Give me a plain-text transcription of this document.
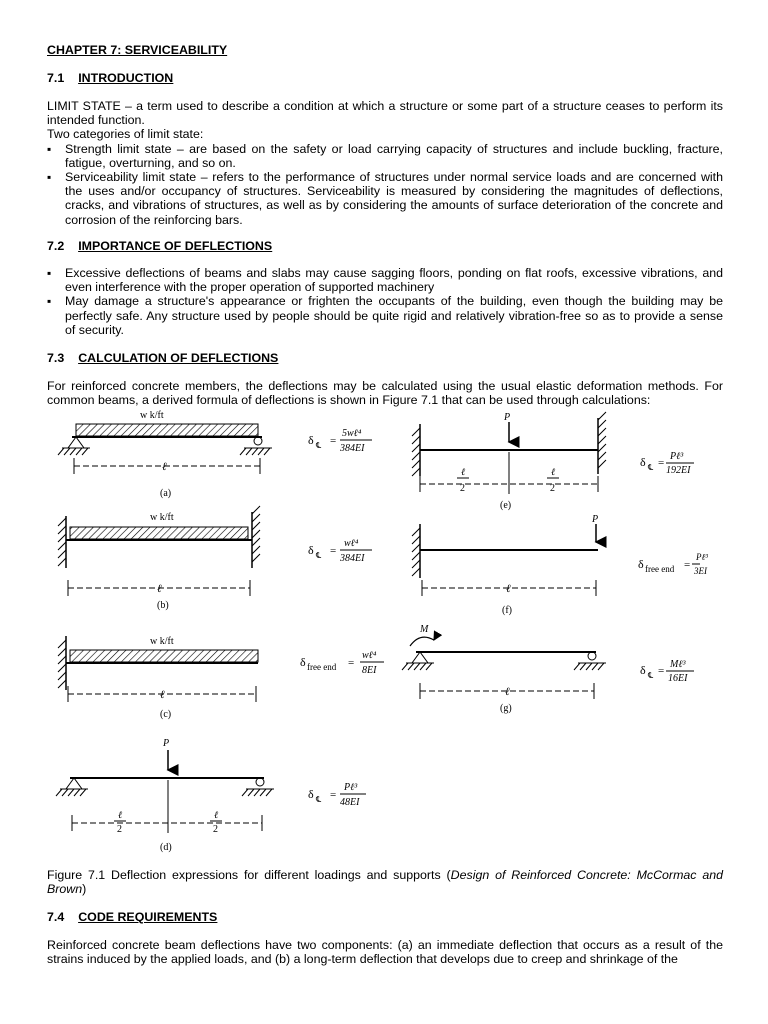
CHAPTER 7: SERVICEABILITY
7.1 INTRODUCTION

LIMIT STATE – a term used to describe a condition at which a structure or some part of a structure ceases to perform its intended function.

Two categories of limit state:

▪ Strength limit state – are based on the safety or load carrying capacity of structures and include buckling, fracture, fatigue, overturning, and so on.
▪ Serviceability limit state – refers to the performance of structures under normal service loads and are concerned with the uses and/or occupancy of structures. Serviceability is measured by considering the magnitudes of deflections, cracks, and vibrations of structures, as well as by considering the amounts of surface deterioration of the concrete and corrosion of the reinforcing bars.
7.2 IMPORTANCE OF DEFLECTIONS
▪ Excessive deflections of beams and slabs may cause sagging floors, ponding on flat roofs, excessive vibrations, and even interference with the proper operation of supported machinery
▪ May damage a structure's appearance or frighten the occupants of the building, even though the building may be perfectly safe. Any structure used by people should be quite rigid and relatively vibration-free so as to provide a sense of security.
7.3 CALCULATION OF DEFLECTIONS

For reinforced concrete members, the deflections may be calculated using the usual elastic deformation methods. For common beams, a derived formula of deflections is shown in Figure 7.1 that can be used through calculations:

Figure 7.1 Deflection expressions for different loadings and supports (Design of Reinforced Concrete: McCormac and Brown)

7.4 CODE REQUIREMENTS

Reinforced concrete beam deflections have two components: (a) an immediate deflection that occurs as a result of the strains induced by the applied loads, and (b) a long-term deflection that develops due to creep and shrinkage of the

w k/ft
ℓ
(a)
δ ℄ =
5wℓ⁴
384EI
w k/ft
ℓ
(b)
δ ℄ =
wℓ⁴
384EI
w k/ft
ℓ
(c)
δ free end =
wℓ⁴
8EI
P
ℓ
2
ℓ
2
(d)
δ ℄ =
Pℓ³
48EI
P
ℓ
2
ℓ
2
(e)
δ ℄ =
Pℓ³
192EI
P
ℓ
(f)
δ free end =
Pℓ³
3EI
M
ℓ
(g)
δ ℄ =
Mℓ³
16EI
